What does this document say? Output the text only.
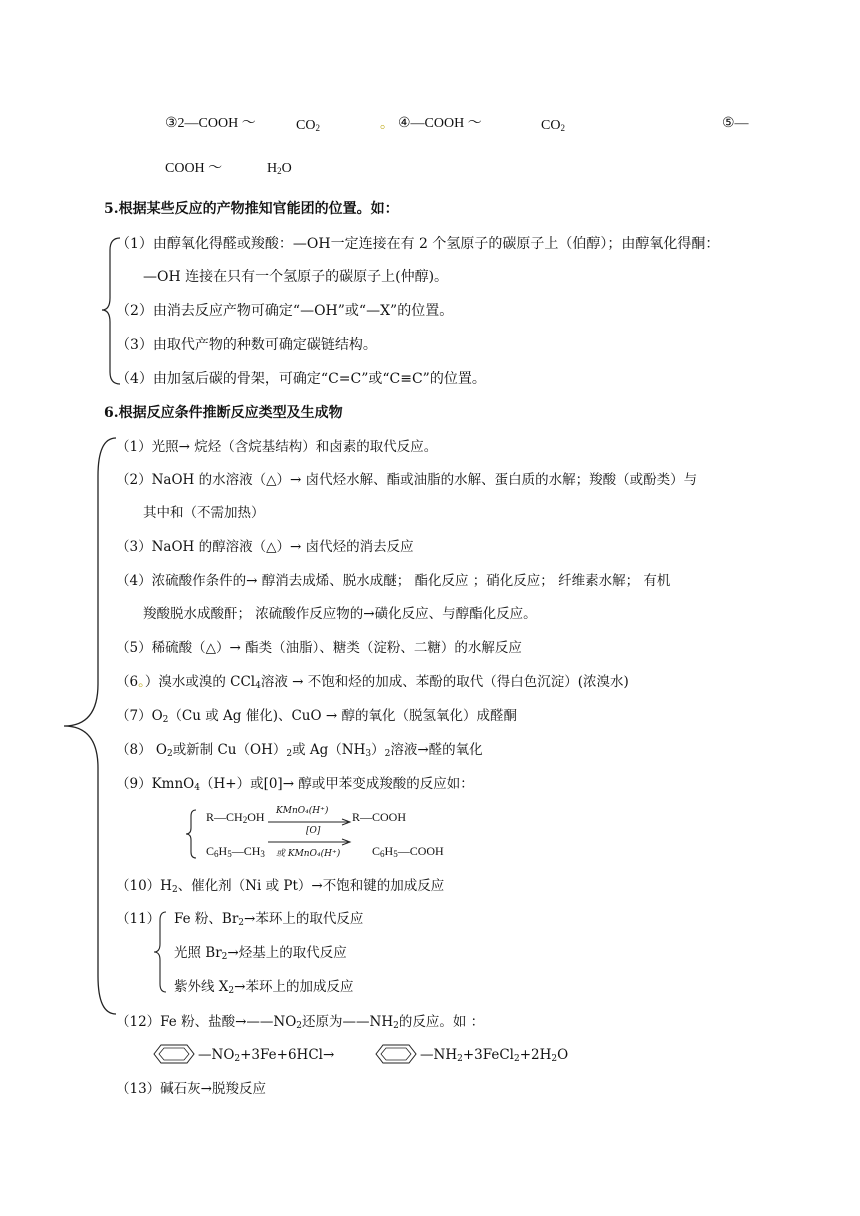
③2—COOH ～	$CO_2$	。 ④—COOH ～	$CO_2$	⑤—
COOH ～	$H_2O$
5.根据某些反应的产物推知官能团的位置。如：
（1）由醇氧化得醛或羧酸：—OH一定连接在有 2 个氢原子的碳原子上（伯醇）；由醇氧化得酮：
—OH 连接在只有一个氢原子的碳原子上(仲醇)。
（2）由消去反应产物可确定“—OH”或“—X”的位置。
（3）由取代产物的种数可确定碳链结构。
（4）由加氢后碳的骨架，可确定“C=C”或“C≡C”的位置。
6.根据反应条件推断反应类型及生成物
（1）光照→ 烷烃（含烷基结构）和卤素的取代反应。
（2）NaOH 的水溶液（△）→ 卤代烃水解、酯或油脂的水解、蛋白质的水解；羧酸（或酚类）与
其中和（不需加热）
（3）NaOH 的醇溶液（△）→ 卤代烃的消去反应
（4）浓硫酸作条件的→ 醇消去成烯、脱水成醚； 酯化反应 ；硝化反应； 纤维素水解； 有机
羧酸脱水成酸酐； 浓硫酸作反应物的→磺化反应、与醇酯化反应。
（5）稀硫酸（△）→ 酯类（油脂）、糖类（淀粉、二糖）的水解反应
（6。）溴水或溴的 CCl$_4$溶液 → 不饱和烃的加成、苯酚的取代（得白色沉淀）(浓溴水)
$(7)O_2(Cu$ 或 Ag 催化)、CuO → 醇的氧化（脱氢氧化）成醛酮
（8） $O_2$或新制 $Cu(OH)_2$或 $Ag(NH_3)_2$溶液→醛的氧化
（9）KmnO$_4$（H+）或[0]→ 醇或甲苯变成羧酸的反应如：
$R—CH_2OH$ KMnO₄(H⁺) R—COOH
[O]
或 KMnO₄(H⁺)
$C_6H_5—CH_3$	$C_6H_5—COOH$
$(10)H_2$、催化剂（Ni 或 Pt）→不饱和键的加成反应
（11） Fe 粉、$Br_2\to$苯环上的取代反应
光照 $Br_2\to$烃基上的取代反应
紫外线 $X_2\to$苯环上的加成反应
（12）Fe 粉、盐酸$\to——NO_2$还原为$——NH_2$的反应。如 ：
$—NO_2+3Fe+6HCl\to$	$—NH_2+3FeCl_2+2H_2O$
（13）碱石灰→脱羧反应
